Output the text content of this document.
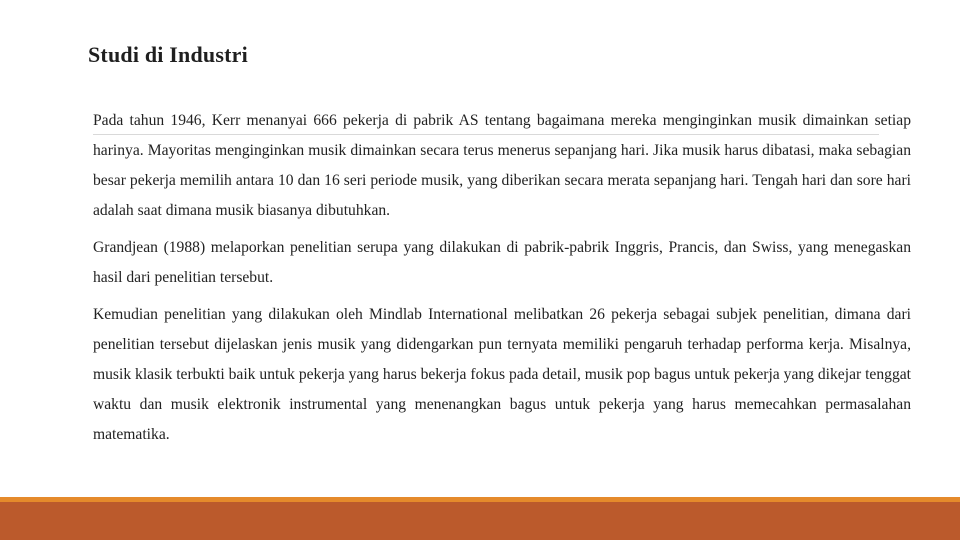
Studi di Industri

Pada tahun 1946, Kerr menanyai 666 pekerja di pabrik AS tentang bagaimana mereka menginginkan musik dimainkan setiap harinya. Mayoritas menginginkan musik dimainkan secara terus menerus sepanjang hari. Jika musik harus dibatasi, maka sebagian besar pekerja memilih antara 10 dan 16 seri periode musik, yang diberikan secara merata sepanjang hari. Tengah hari dan sore hari adalah saat dimana musik biasanya dibutuhkan.

Grandjean (1988) melaporkan penelitian serupa yang dilakukan di pabrik-pabrik Inggris, Prancis, dan Swiss, yang menegaskan hasil dari penelitian tersebut.

Kemudian penelitian yang dilakukan oleh Mindlab International melibatkan 26 pekerja sebagai subjek penelitian, dimana dari penelitian tersebut dijelaskan jenis musik yang didengarkan pun ternyata memiliki pengaruh terhadap performa kerja. Misalnya, musik klasik terbukti baik untuk pekerja yang harus bekerja fokus pada detail, musik pop bagus untuk pekerja yang dikejar tenggat waktu dan musik elektronik instrumental yang menenangkan bagus untuk pekerja yang harus memecahkan permasalahan matematika.
